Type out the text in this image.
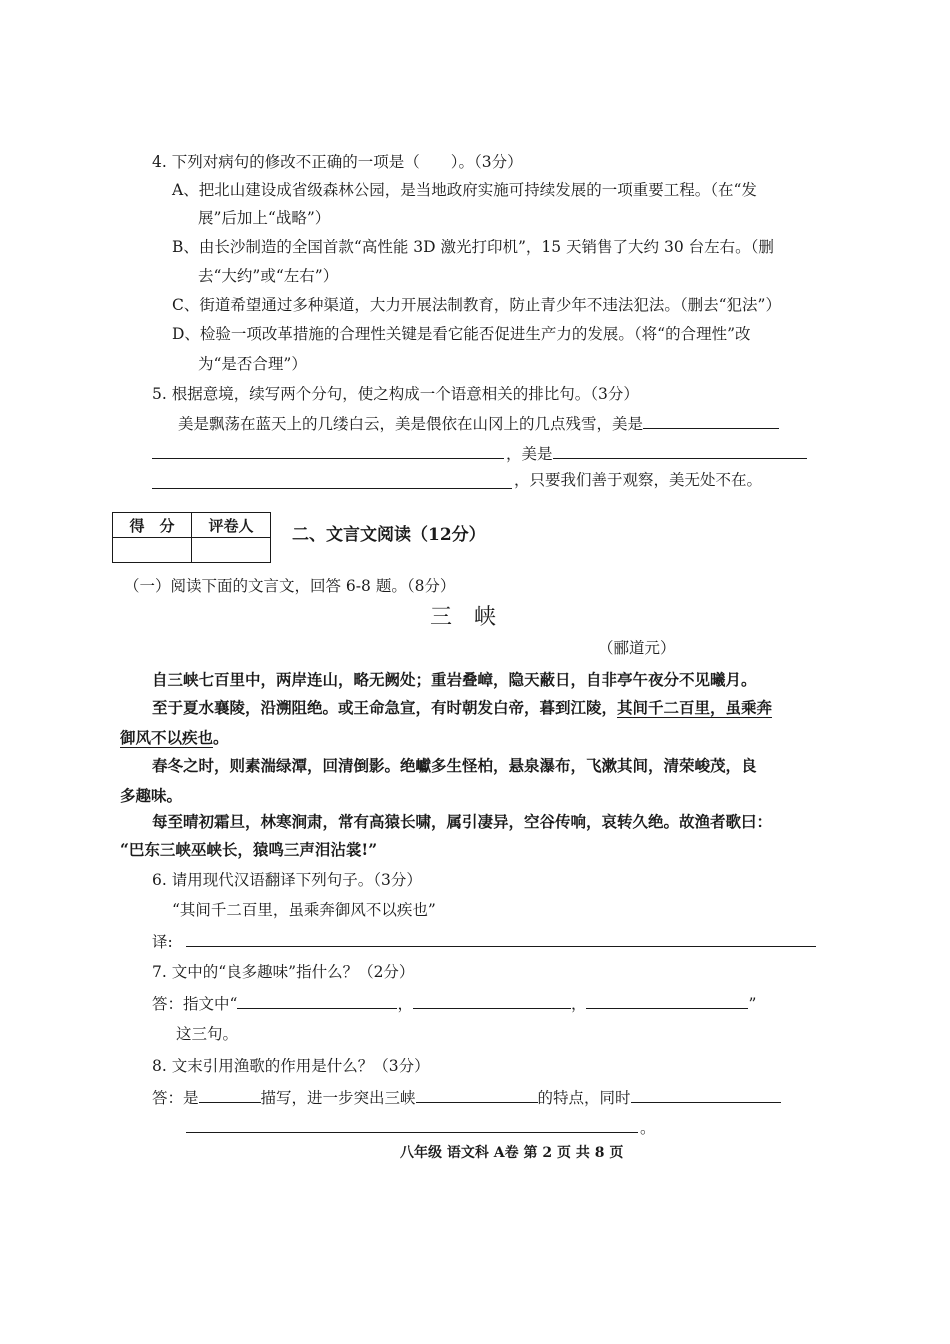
4. 下列对病句的修改不正确的一项是（　　）。（3分）
A、把北山建设成省级森林公园，是当地政府实施可持续发展的一项重要工程。（在“发
展”后加上“战略”）
B、由长沙制造的全国首款“高性能 3D 激光打印机”，15 天销售了大约 30 台左右。（删
去“大约”或“左右”）
C、街道希望通过多种渠道，大力开展法制教育，防止青少年不违法犯法。（删去“犯法”）
D、检验一项改革措施的合理性关键是看它能否促进生产力的发展。（将“的合理性”改
为“是否合理”）
5. 根据意境，续写两个分句，使之构成一个语意相关的排比句。（3分）
美是飘荡在蓝天上的几缕白云，美是偎依在山冈上的几点残雪，美是
，美是
，只要我们善于观察，美无处不在。
得　分	评卷人
	二、文言文阅读（12分）
（一）阅读下面的文言文，回答 6-8 题。（8分）
三峡
（郦道元）
自三峡七百里中，两岸连山，略无阙处；重岩叠嶂，隐天蔽日，自非亭午夜分不见曦月。
至于夏水襄陵，沿溯阻绝。或王命急宣，有时朝发白帝，暮到江陵，其间千二百里，虽乘奔
御风不以疾也。
春冬之时，则素湍绿潭，回清倒影。绝巘多生怪柏，悬泉瀑布，飞漱其间，清荣峻茂，良
多趣味。
每至晴初霜旦，林寒涧肃，常有高猿长啸，属引凄异，空谷传响，哀转久绝。故渔者歌曰：
“巴东三峡巫峡长，猿鸣三声泪沾裳!”
6. 请用现代汉语翻译下列句子。（3分）
“其间千二百里，虽乘奔御风不以疾也”
译:
7. 文中的“良多趣味”指什么？（2分）
答：指文中“	，	，	”
这三句。
8. 文末引用渔歌的作用是什么？（3分）
答：是	描写，进一步突出三峡	的特点，同时
。
八年级 语文科 A卷 第 2 页 共 8 页
